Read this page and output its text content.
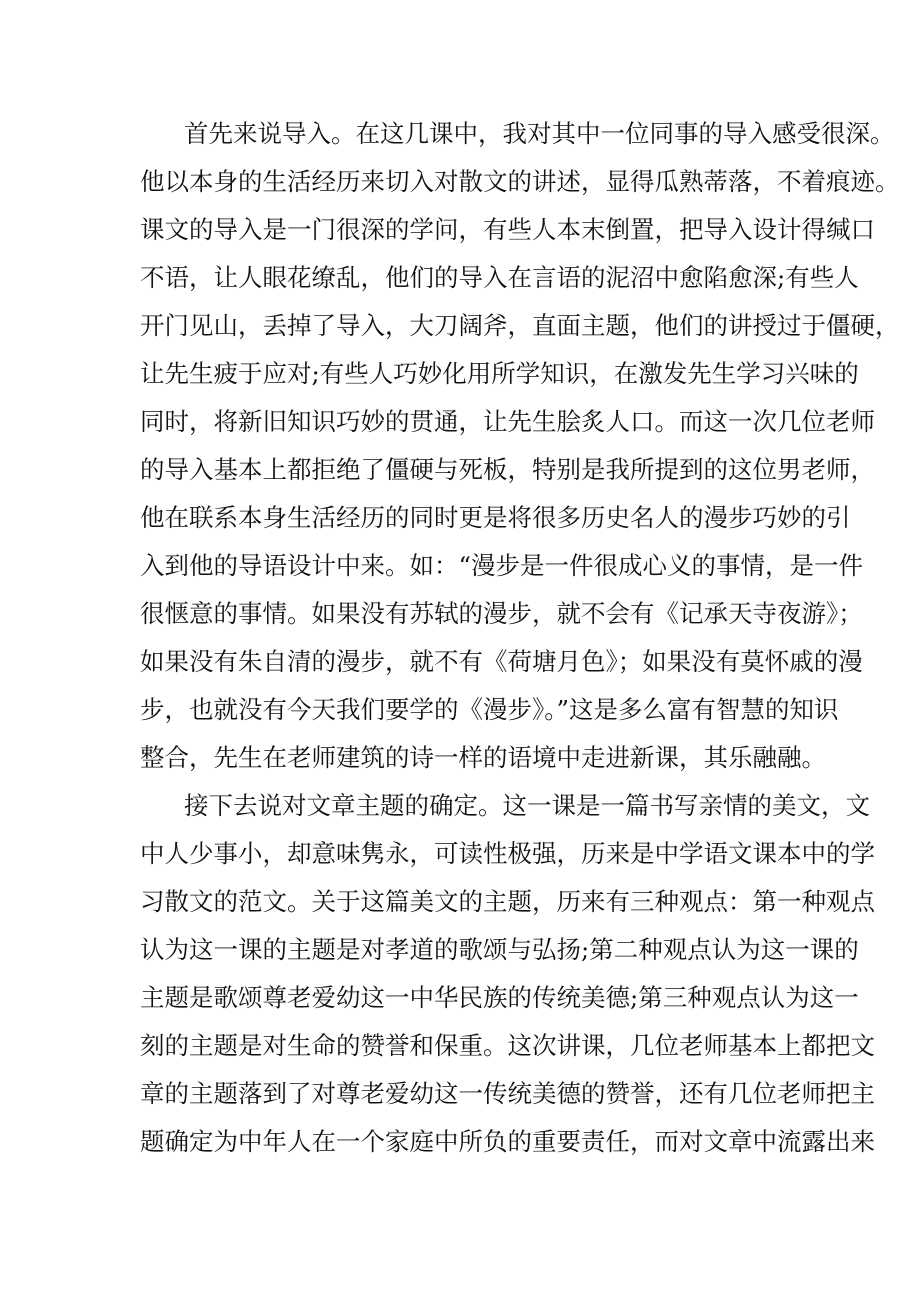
首先来说导入。在这几课中，我对其中一位同事的导入感受很深。
他以本身的生活经历来切入对散文的讲述，显得瓜熟蒂落，不着痕迹。
课文的导入是一门很深的学问，有些人本末倒置，把导入设计得缄口
不语，让人眼花缭乱，他们的导入在言语的泥沼中愈陷愈深;有些人
开门见山，丢掉了导入，大刀阔斧，直面主题，他们的讲授过于僵硬，
让先生疲于应对;有些人巧妙化用所学知识，在激发先生学习兴味的
同时，将新旧知识巧妙的贯通，让先生脍炙人口。而这一次几位老师
的导入基本上都拒绝了僵硬与死板，特别是我所提到的这位男老师，
他在联系本身生活经历的同时更是将很多历史名人的漫步巧妙的引
入到他的导语设计中来。如：“漫步是一件很成心义的事情，是一件
很惬意的事情。如果没有苏轼的漫步，就不会有《记承天寺夜游》；
如果没有朱自清的漫步，就不有《荷塘月色》；如果没有莫怀戚的漫
步，也就没有今天我们要学的《漫步》。”这是多么富有智慧的知识
整合，先生在老师建筑的诗一样的语境中走进新课，其乐融融。
接下去说对文章主题的确定。这一课是一篇书写亲情的美文，文
中人少事小，却意味隽永，可读性极强，历来是中学语文课本中的学
习散文的范文。关于这篇美文的主题，历来有三种观点：第一种观点
认为这一课的主题是对孝道的歌颂与弘扬;第二种观点认为这一课的
主题是歌颂尊老爱幼这一中华民族的传统美德;第三种观点认为这一
刻的主题是对生命的赞誉和保重。这次讲课，几位老师基本上都把文
章的主题落到了对尊老爱幼这一传统美德的赞誉，还有几位老师把主
题确定为中年人在一个家庭中所负的重要责任，而对文章中流露出来
